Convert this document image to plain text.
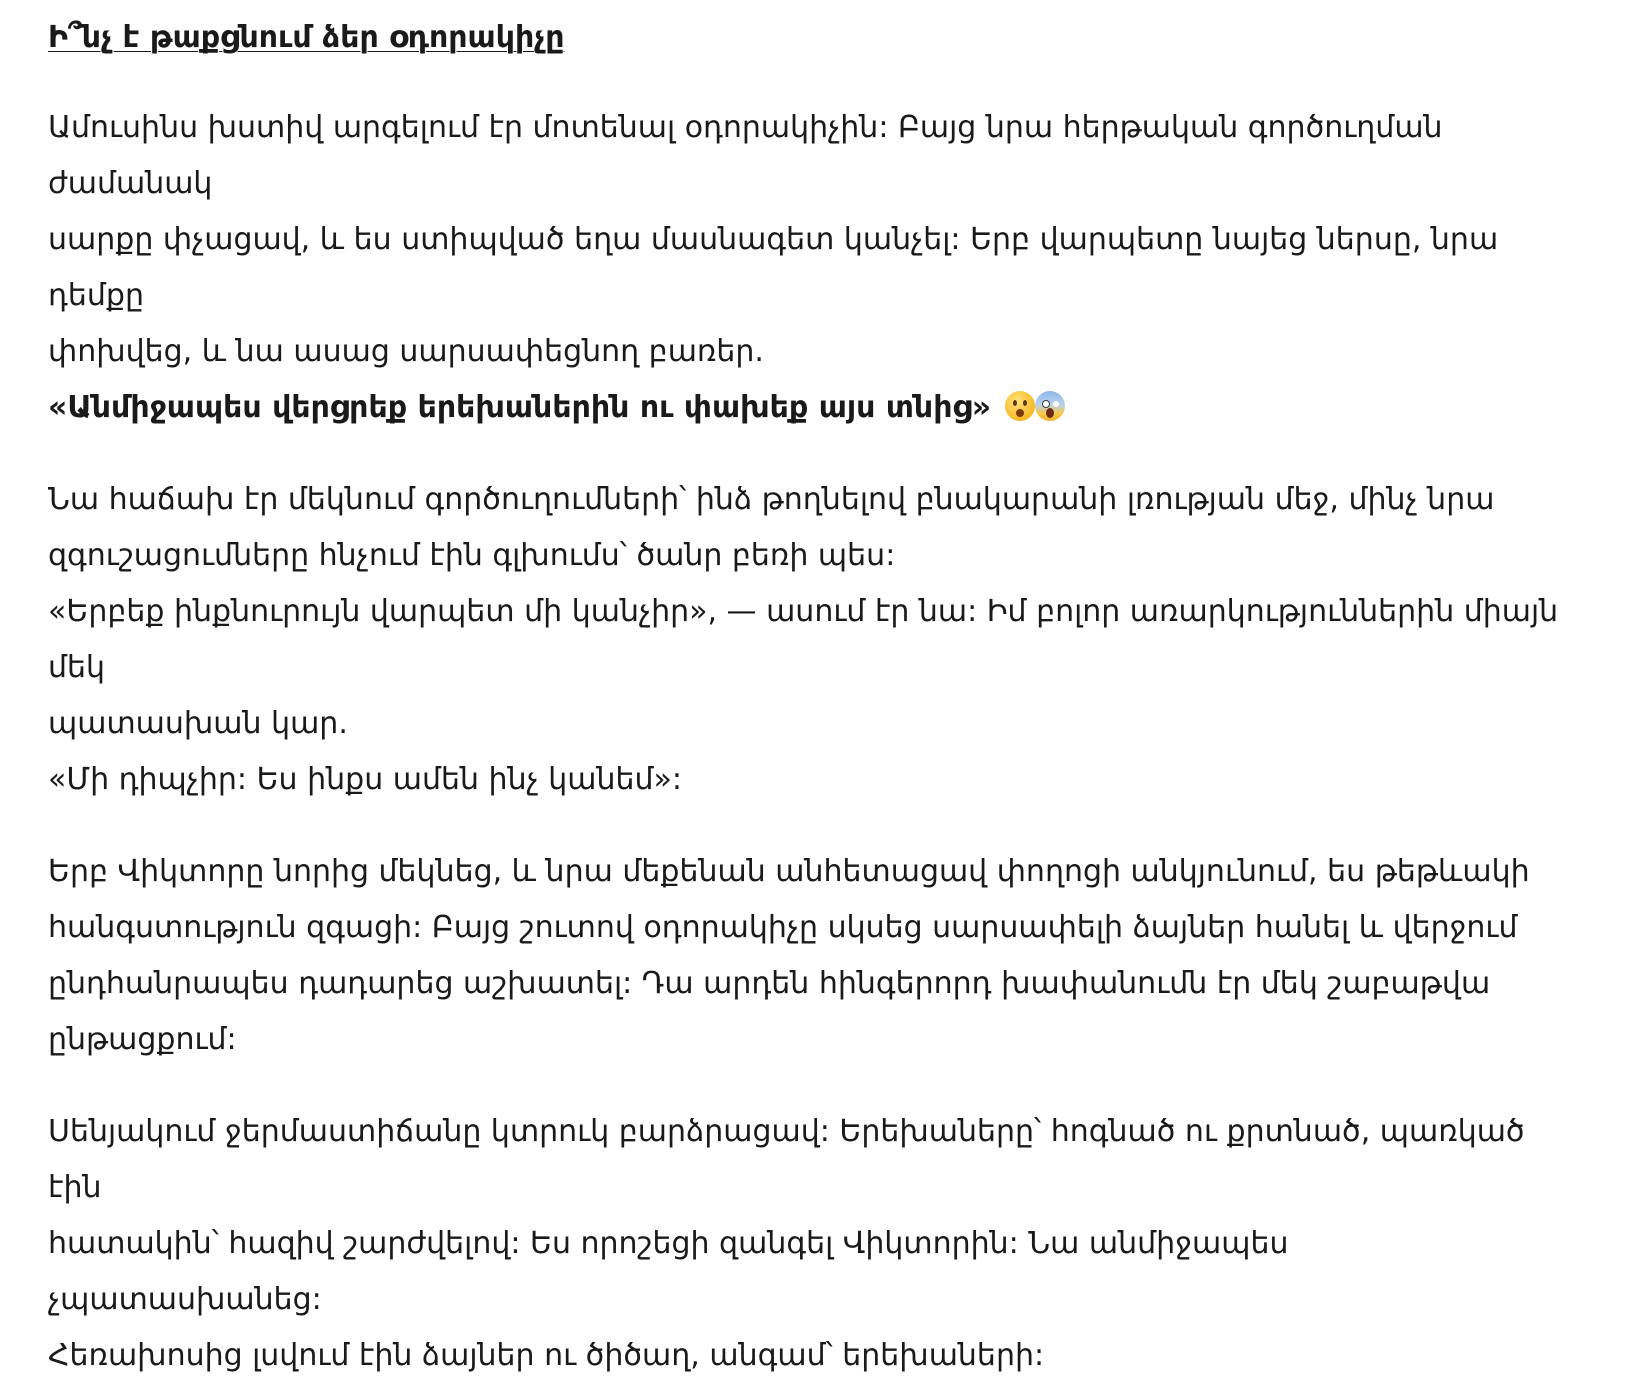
Ի՞նչ է թաքցնում ձեր օդորակիչը

Ամուսինս խստիվ արգելում էր մոտենալ օդորակիչին: Բայց նրա հերթական գործուղման ժամանակ
սարքը փչացավ, և ես ստիպված եղա մասնագետ կանչել: Երբ վարպետը նայեց ներսը, նրա դեմքը
փոխվեց, և նա ասաց սարսափեցնող բառեր.
«Անմիջապես վերցրեք երեխաներին ու փախեք այս տնից»

Նա հաճախ էր մեկնում գործուղումների՝ ինձ թողնելով բնակարանի լռության մեջ, մինչ նրա
զգուշացումները հնչում էին գլխումս՝ ծանր բեռի պես:
«Երբեք ինքնուրույն վարպետ մի կանչիր», — ասում էր նա: Իմ բոլոր առարկություններին միայն մեկ
պատասխան կար.
«Մի դիպչիր: Ես ինքս ամեն ինչ կանեմ»:

Երբ Վիկտորը նորից մեկնեց, և նրա մեքենան անհետացավ փողոցի անկյունում, ես թեթևակի
հանգստություն զգացի: Բայց շուտով օդորակիչը սկսեց սարսափելի ձայներ հանել և վերջում
ընդհանրապես դադարեց աշխատել: Դա արդեն հինգերորդ խափանումն էր մեկ շաբաթվա
ընթացքում:

Սենյակում ջերմաստիճանը կտրուկ բարձրացավ: Երեխաները՝ հոգնած ու քրտնած, պառկած էին
հատակին՝ հազիվ շարժվելով: Ես որոշեցի զանգել Վիկտորին: Նա անմիջապես չպատասխանեց:
Հեռախոսից լսվում էին ձայներ ու ծիծաղ, անգամ՝ երեխաների:
